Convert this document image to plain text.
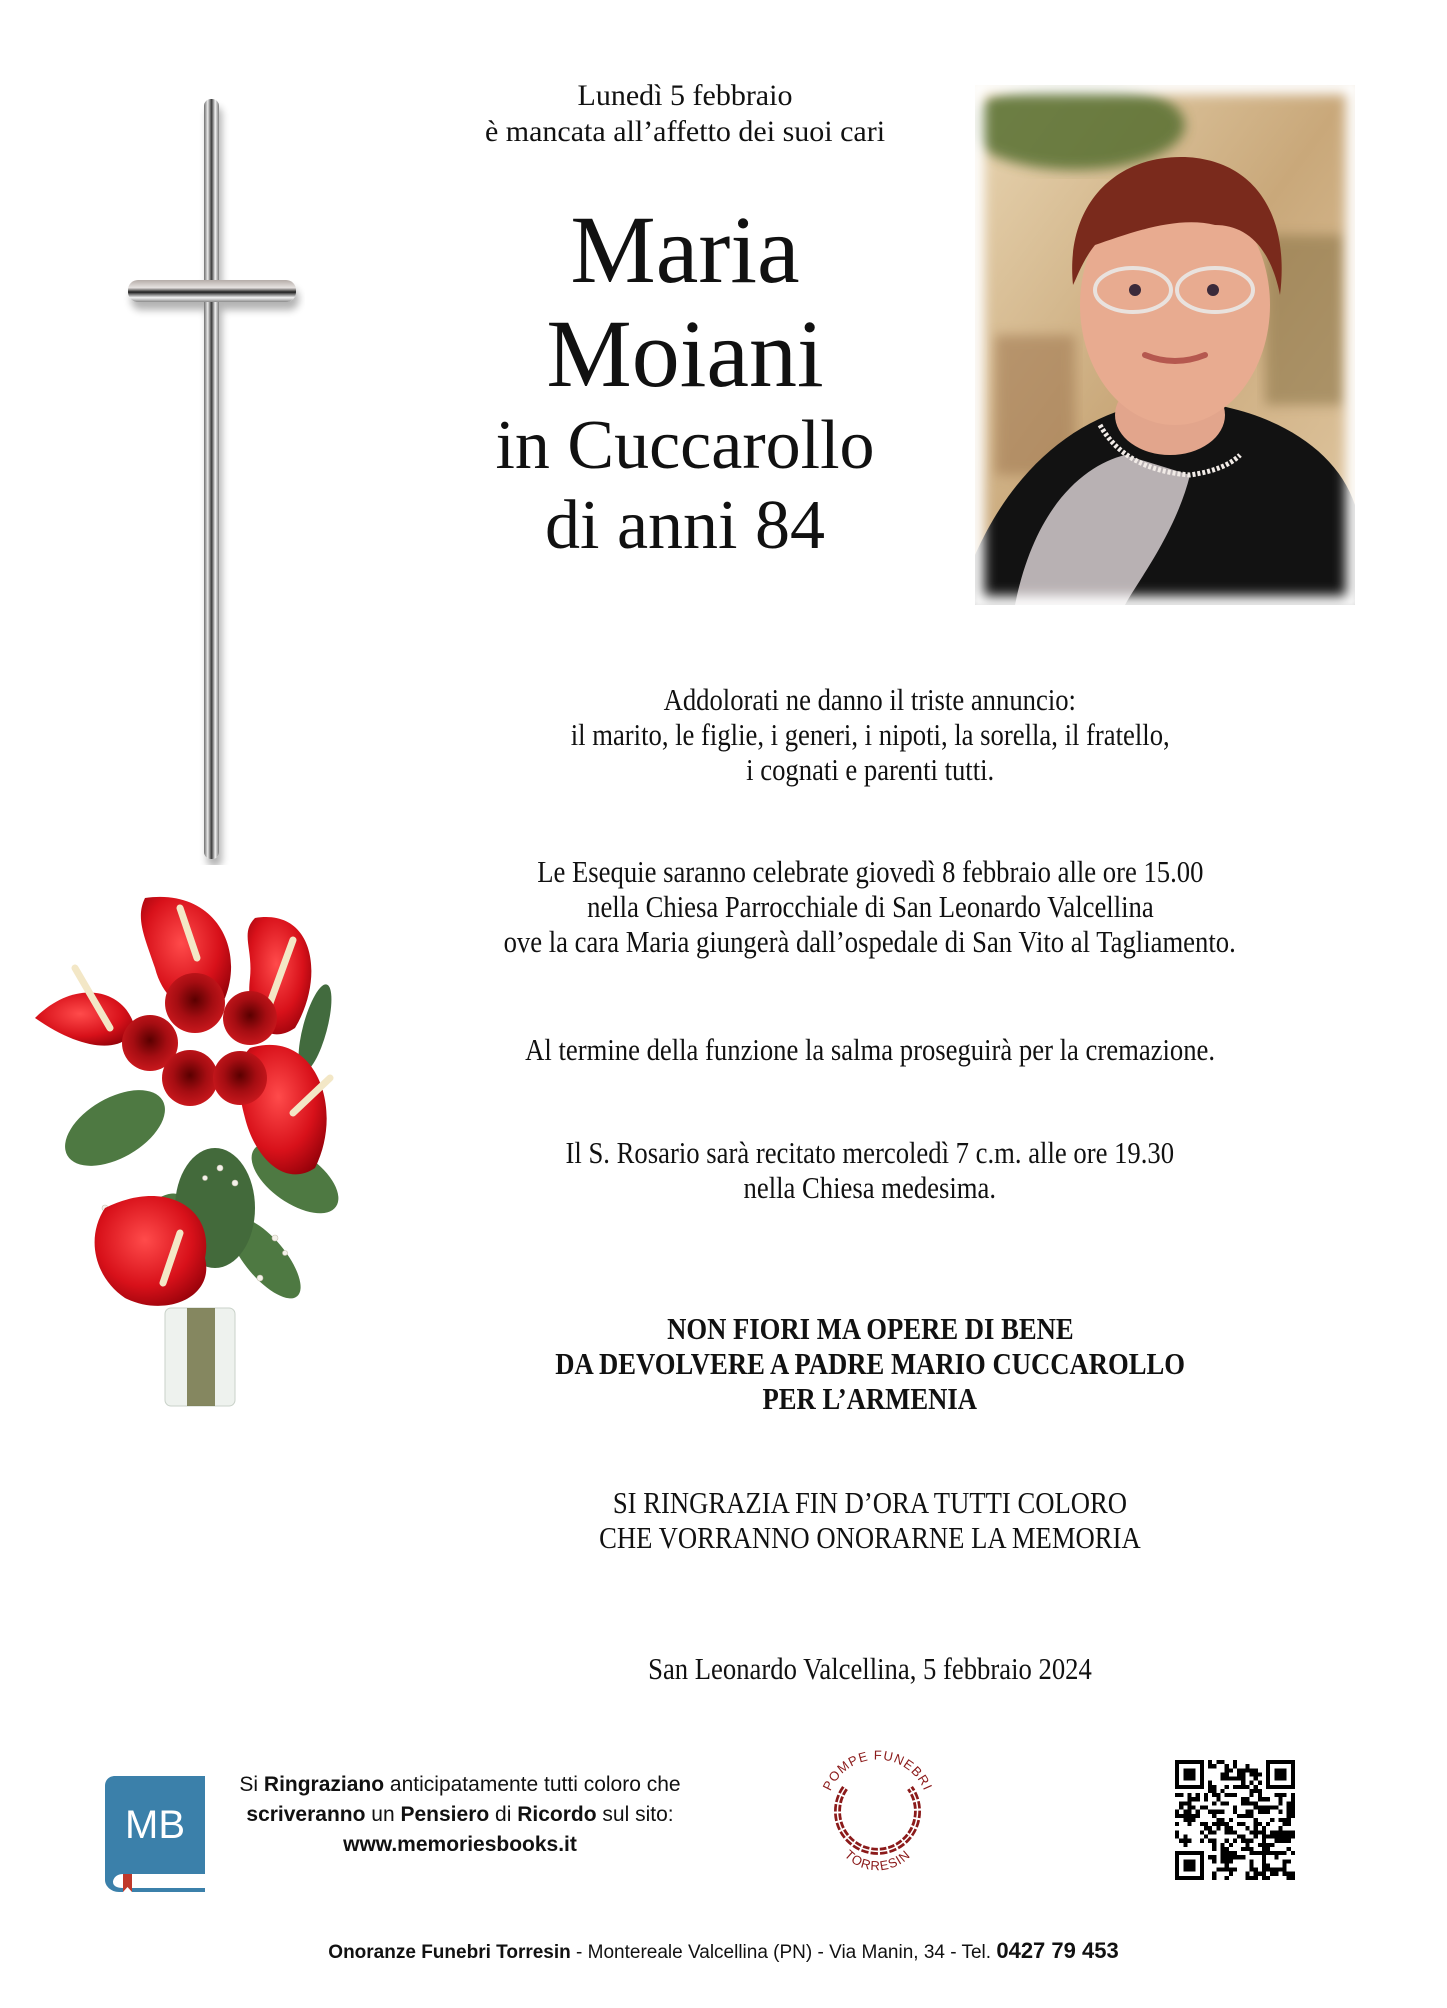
Lunedì 5 febbraio
è mancata all’affetto dei suoi cari
Maria
Moiani
in Cuccarollo
di anni 84
Addolorati ne danno il triste annuncio:
il marito, le figlie, i generi, i nipoti, la sorella, il fratello,
i cognati e parenti tutti.
Le Esequie saranno celebrate giovedì 8 febbraio alle ore 15.00
nella Chiesa Parrocchiale di San Leonardo Valcellina
ove la cara Maria giungerà dall’ospedale di San Vito al Tagliamento.
Al termine della funzione la salma proseguirà per la cremazione.
Il S. Rosario sarà recitato mercoledì 7 c.m. alle ore 19.30
nella Chiesa medesima.
NON FIORI MA OPERE DI BENE
DA DEVOLVERE A PADRE MARIO CUCCAROLLO
PER L’ARMENIA
SI RINGRAZIA FIN D’ORA TUTTI COLORO
CHE VORRANNO ONORARNE LA MEMORIA
San Leonardo Valcellina, 5 febbraio 2024
MB
Si Ringraziano anticipatamente tutti coloro che
scriveranno un Pensiero di Ricordo sul sito:
www.memoriesbooks.it
POMPE FUNEBRI
TORRESIN
Onoranze Funebri Torresin - Montereale Valcellina (PN) - Via Manin, 34 - Tel. 0427 79 453
